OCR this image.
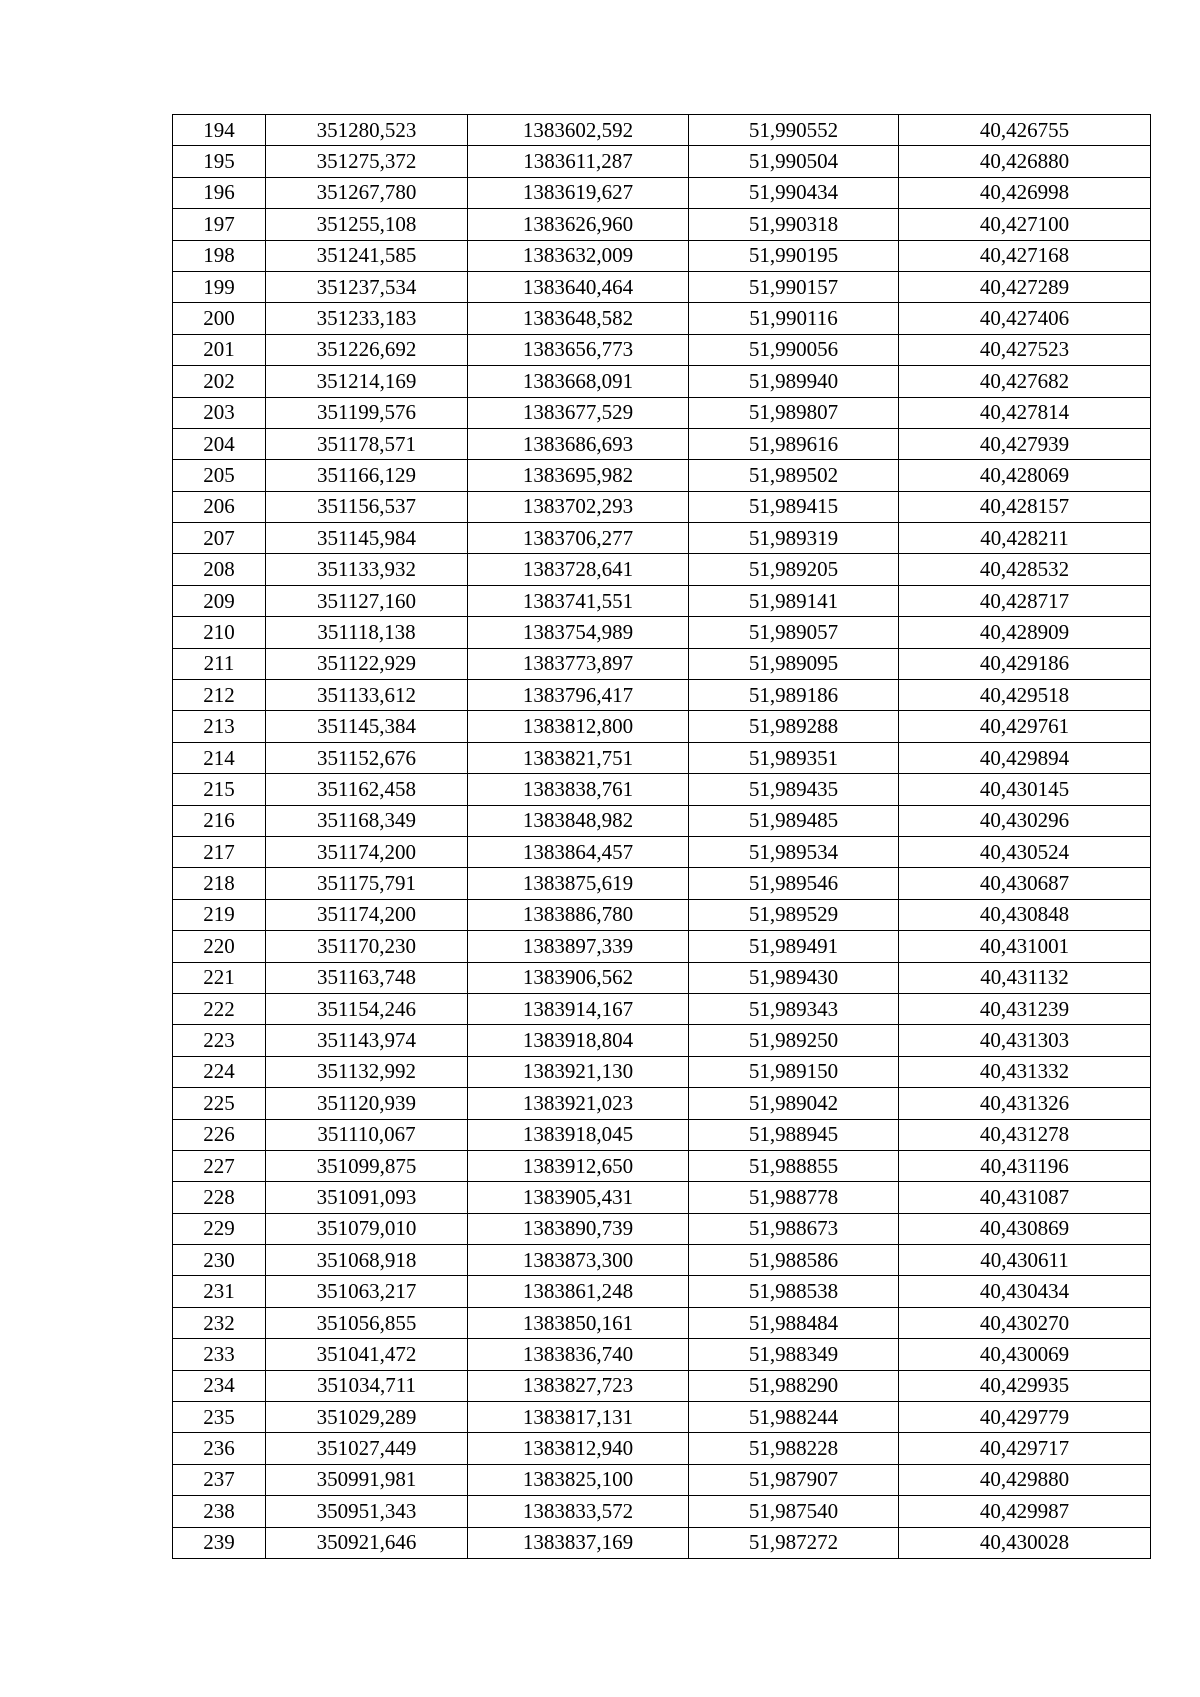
194	351280,523	1383602,592	51,990552	40,426755
195	351275,372	1383611,287	51,990504	40,426880
196	351267,780	1383619,627	51,990434	40,426998
197	351255,108	1383626,960	51,990318	40,427100
198	351241,585	1383632,009	51,990195	40,427168
199	351237,534	1383640,464	51,990157	40,427289
200	351233,183	1383648,582	51,990116	40,427406
201	351226,692	1383656,773	51,990056	40,427523
202	351214,169	1383668,091	51,989940	40,427682
203	351199,576	1383677,529	51,989807	40,427814
204	351178,571	1383686,693	51,989616	40,427939
205	351166,129	1383695,982	51,989502	40,428069
206	351156,537	1383702,293	51,989415	40,428157
207	351145,984	1383706,277	51,989319	40,428211
208	351133,932	1383728,641	51,989205	40,428532
209	351127,160	1383741,551	51,989141	40,428717
210	351118,138	1383754,989	51,989057	40,428909
211	351122,929	1383773,897	51,989095	40,429186
212	351133,612	1383796,417	51,989186	40,429518
213	351145,384	1383812,800	51,989288	40,429761
214	351152,676	1383821,751	51,989351	40,429894
215	351162,458	1383838,761	51,989435	40,430145
216	351168,349	1383848,982	51,989485	40,430296
217	351174,200	1383864,457	51,989534	40,430524
218	351175,791	1383875,619	51,989546	40,430687
219	351174,200	1383886,780	51,989529	40,430848
220	351170,230	1383897,339	51,989491	40,431001
221	351163,748	1383906,562	51,989430	40,431132
222	351154,246	1383914,167	51,989343	40,431239
223	351143,974	1383918,804	51,989250	40,431303
224	351132,992	1383921,130	51,989150	40,431332
225	351120,939	1383921,023	51,989042	40,431326
226	351110,067	1383918,045	51,988945	40,431278
227	351099,875	1383912,650	51,988855	40,431196
228	351091,093	1383905,431	51,988778	40,431087
229	351079,010	1383890,739	51,988673	40,430869
230	351068,918	1383873,300	51,988586	40,430611
231	351063,217	1383861,248	51,988538	40,430434
232	351056,855	1383850,161	51,988484	40,430270
233	351041,472	1383836,740	51,988349	40,430069
234	351034,711	1383827,723	51,988290	40,429935
235	351029,289	1383817,131	51,988244	40,429779
236	351027,449	1383812,940	51,988228	40,429717
237	350991,981	1383825,100	51,987907	40,429880
238	350951,343	1383833,572	51,987540	40,429987
239	350921,646	1383837,169	51,987272	40,430028
